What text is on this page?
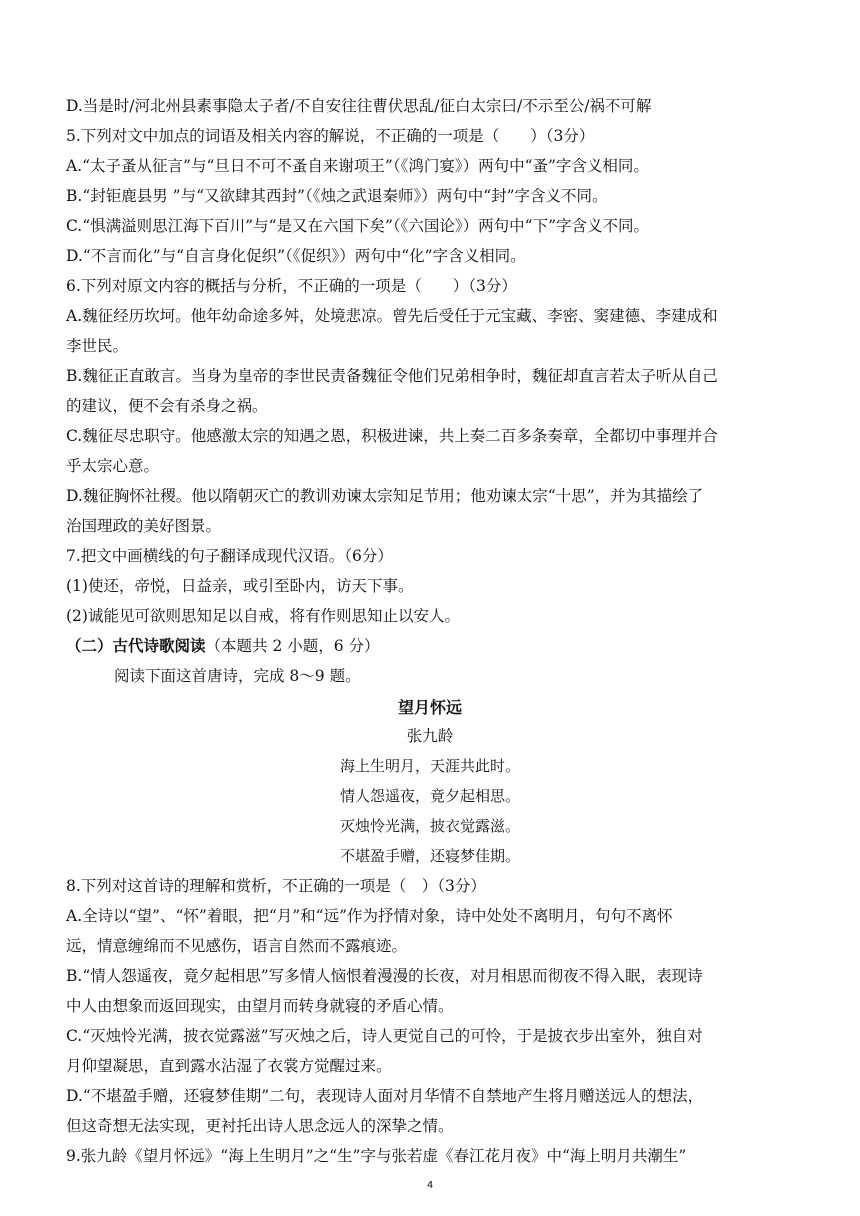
D.当是时/河北州县素事隐太子者/不自安往往曹伏思乱/征白太宗曰/不示至公/祸不可解
5.下列对文中加点的词语及相关内容的解说，不正确的一项是（　　）（3分）
A.“太子蚤从征言”与“旦日不可不蚤自来谢项王”（《鸿门宴》）两句中“蚤”字含义相同。
B.“封钜鹿县男 ”与“又欲肆其西封”（《烛之武退秦师》）两句中“封”字含义不同。
C.“惧满溢则思江海下百川”与“是又在六国下矣”（《六国论》）两句中“下”字含义不同。
D.“不言而化”与“自言身化促织”（《促织》）两句中“化”字含义相同。
6.下列对原文内容的概括与分析，不正确的一项是（　　）（3分）
A.魏征经历坎坷。他年幼命途多舛，处境悲凉。曾先后受任于元宝藏、李密、窦建德、李建成和
李世民。
B.魏征正直敢言。当身为皇帝的李世民责备魏征令他们兄弟相争时，魏征却直言若太子听从自己
的建议，便不会有杀身之祸。
C.魏征尽忠职守。他感激太宗的知遇之恩，积极进谏，共上奏二百多条奏章，全都切中事理并合
乎太宗心意。
D.魏征胸怀社稷。他以隋朝灭亡的教训劝谏太宗知足节用；他劝谏太宗“十思”，并为其描绘了
治国理政的美好图景。
7.把文中画横线的句子翻译成现代汉语。（6分）
(1)使还，帝悦，日益亲，或引至卧内，访天下事。
(2)诚能见可欲则思知足以自戒，将有作则思知止以安人。
（二）古代诗歌阅读（本题共 2 小题，6 分）
阅读下面这首唐诗，完成 8～9 题。
望月怀远
张九龄
海上生明月，天涯共此时。
情人怨遥夜，竟夕起相思。
灭烛怜光满，披衣觉露滋。
不堪盈手赠，还寝梦佳期。
8.下列对这首诗的理解和赏析，不正确的一项是（　）（3分）
A.全诗以“望”、“怀”着眼，把“月”和“远”作为抒情对象，诗中处处不离明月，句句不离怀
远，情意缠绵而不见感伤，语言自然而不露痕迹。
B.“情人怨遥夜，竟夕起相思”写多情人恼恨着漫漫的长夜，对月相思而彻夜不得入眠，表现诗
中人由想象而返回现实，由望月而转身就寝的矛盾心情。
C.“灭烛怜光满，披衣觉露滋”写灭烛之后，诗人更觉自己的可怜，于是披衣步出室外，独自对
月仰望凝思，直到露水沾湿了衣裳方觉醒过来。
D.“不堪盈手赠，还寝梦佳期”二句，表现诗人面对月华情不自禁地产生将月赠送远人的想法，
但这奇想无法实现，更衬托出诗人思念远人的深挚之情。
9.张九龄《望月怀远》“海上生明月”之“生”字与张若虚《春江花月夜》中“海上明月共潮生”
4
